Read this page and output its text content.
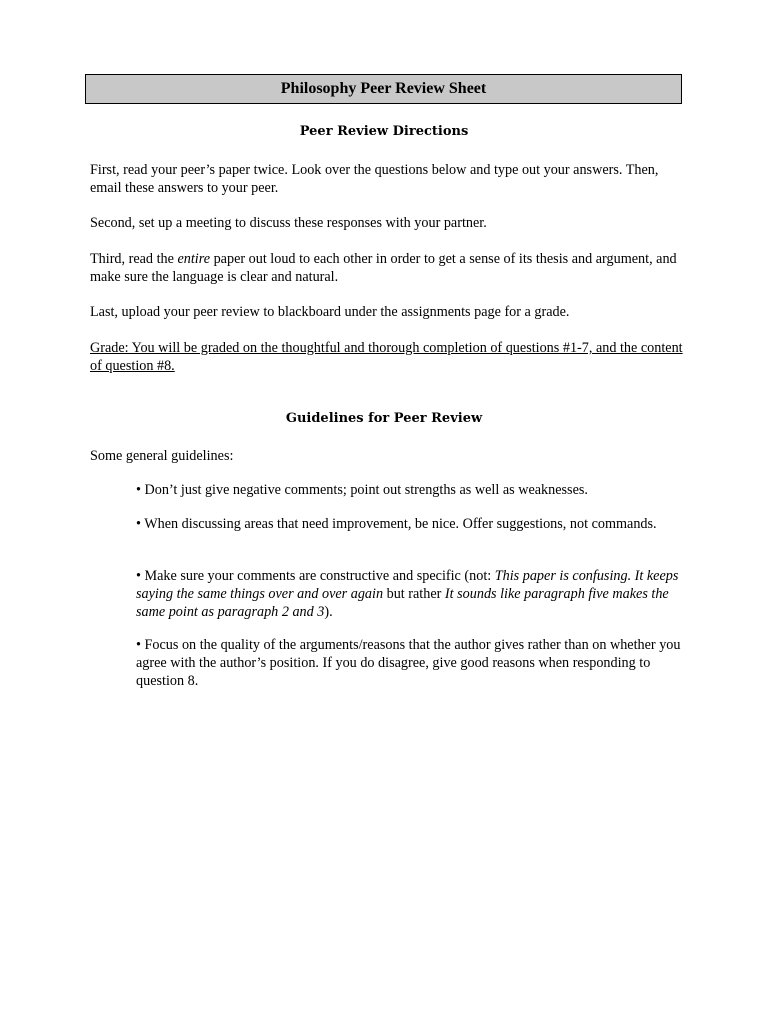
Philosophy Peer Review Sheet
Peer Review Directions
First, read your peer’s paper twice. Look over the questions below and type out your answers. Then, email these answers to your peer.
Second, set up a meeting to discuss these responses with your partner.
Third, read the entire paper out loud to each other in order to get a sense of its thesis and argument, and make sure the language is clear and natural.
Last, upload your peer review to blackboard under the assignments page for a grade.
Grade: You will be graded on the thoughtful and thorough completion of questions #1-7, and the content of question #8.
Guidelines for Peer Review
Some general guidelines:
• Don’t just give negative comments; point out strengths as well as weaknesses.
• When discussing areas that need improvement, be nice. Offer suggestions, not commands.
• Make sure your comments are constructive and specific (not: This paper is confusing. It keeps saying the same things over and over again but rather It sounds like paragraph five makes the same point as paragraph 2 and 3).
• Focus on the quality of the arguments/reasons that the author gives rather than on whether you agree with the author’s position. If you do disagree, give good reasons when responding to question 8.
